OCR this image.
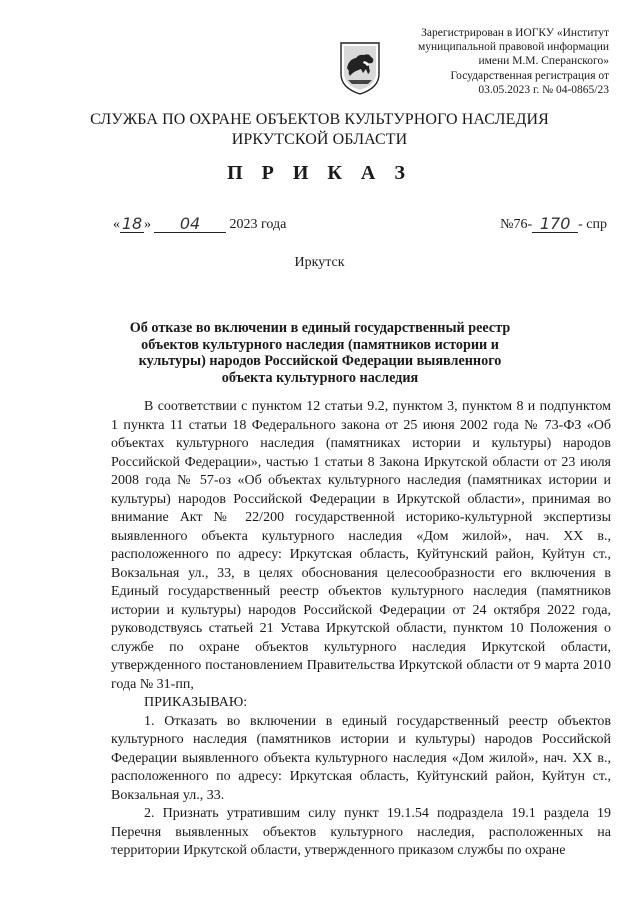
Зарегистрирован в ИОГКУ «Институт
муниципальной правовой информации
имени М.М. Сперанского»
Государственная регистрация от
03.05.2023 г. № 04-0865/23
СЛУЖБА ПО ОХРАНЕ ОБЪЕКТОВ КУЛЬТУРНОГО НАСЛЕДИЯ
ИРКУТСКОЙ ОБЛАСТИ
П Р И К А З
« 18 » 04 2023 года	№76- 170 - спр
Иркутск
Об отказе во включении в единый государственный реестр объектов культурного наследия (памятников истории и культуры) народов Российской Федерации выявленного объекта культурного наследия

В соответствии с пунктом 12 статьи 9.2, пунктом 3, пунктом 8 и подпунктом 1 пункта 11 статьи 18 Федерального закона от 25 июня 2002 года № 73-ФЗ «Об объектах культурного наследия (памятниках истории и культуры) народов Российской Федерации», частью 1 статьи 8 Закона Иркутской области от 23 июля 2008 года № 57-оз «Об объектах культурного наследия (памятниках истории и культуры) народов Российской Федерации в Иркутской области», принимая во внимание Акт № 22/200 государственной историко-культурной экспертизы выявленного объекта культурного наследия «Дом жилой», нач. XX в., расположенного по адресу: Иркутская область, Куйтунский район, Куйтун ст., Вокзальная ул., 33, в целях обоснования целесообразности его включения в Единый государственный реестр объектов культурного наследия (памятников истории и культуры) народов Российской Федерации от 24 октября 2022 года, руководствуясь статьей 21 Устава Иркутской области, пунктом 10 Положения о службе по охране объектов культурного наследия Иркутской области, утвержденного постановлением Правительства Иркутской области от 9 марта 2010 года № 31-пп,

ПРИКАЗЫВАЮ:

1. Отказать во включении в единый государственный реестр объектов культурного наследия (памятников истории и культуры) народов Российской Федерации выявленного объекта культурного наследия «Дом жилой», нач. XX в., расположенного по адресу: Иркутская область, Куйтунский район, Куйтун ст., Вокзальная ул., 33.

2. Признать утратившим силу пункт 19.1.54 подраздела 19.1 раздела 19 Перечня выявленных объектов культурного наследия, расположенных на территории Иркутской области, утвержденного приказом службы по охране
